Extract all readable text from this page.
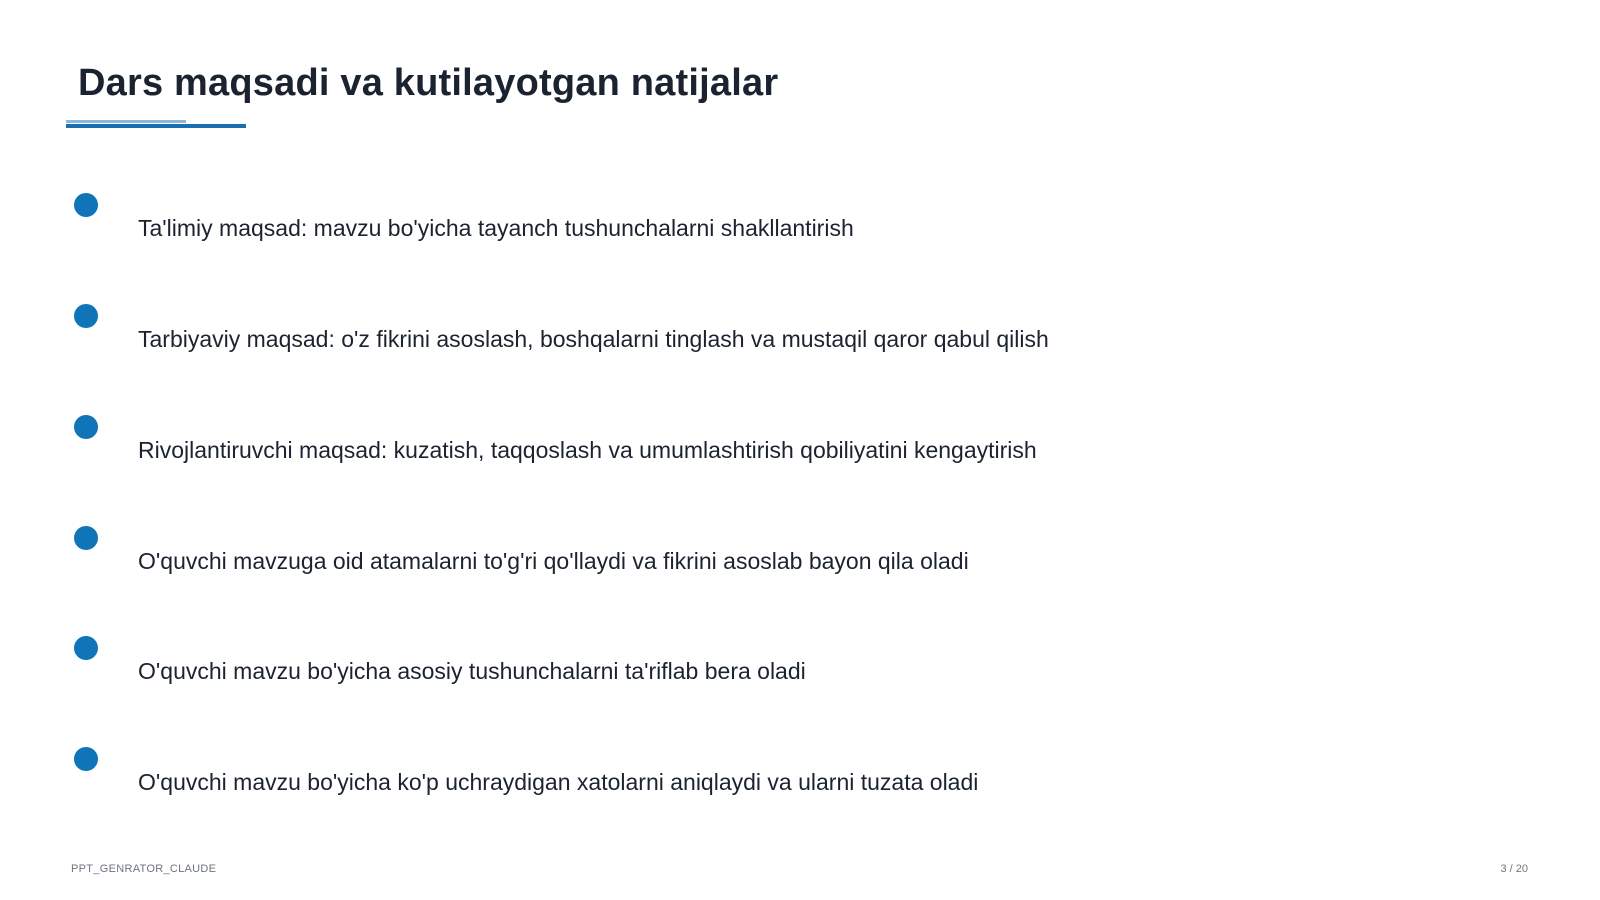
Dars maqsadi va kutilayotgan natijalar
Ta'limiy maqsad: mavzu bo'yicha tayanch tushunchalarni shakllantirish
Tarbiyaviy maqsad: o'z fikrini asoslash, boshqalarni tinglash va mustaqil qaror qabul qilish
Rivojlantiruvchi maqsad: kuzatish, taqqoslash va umumlashtirish qobiliyatini kengaytirish
O'quvchi mavzuga oid atamalarni to'g'ri qo'llaydi va fikrini asoslab bayon qila oladi
O'quvchi mavzu bo'yicha asosiy tushunchalarni ta'riflab bera oladi
O'quvchi mavzu bo'yicha ko'p uchraydigan xatolarni aniqlaydi va ularni tuzata oladi
PPT_GENRATOR_CLAUDE	3 / 20
